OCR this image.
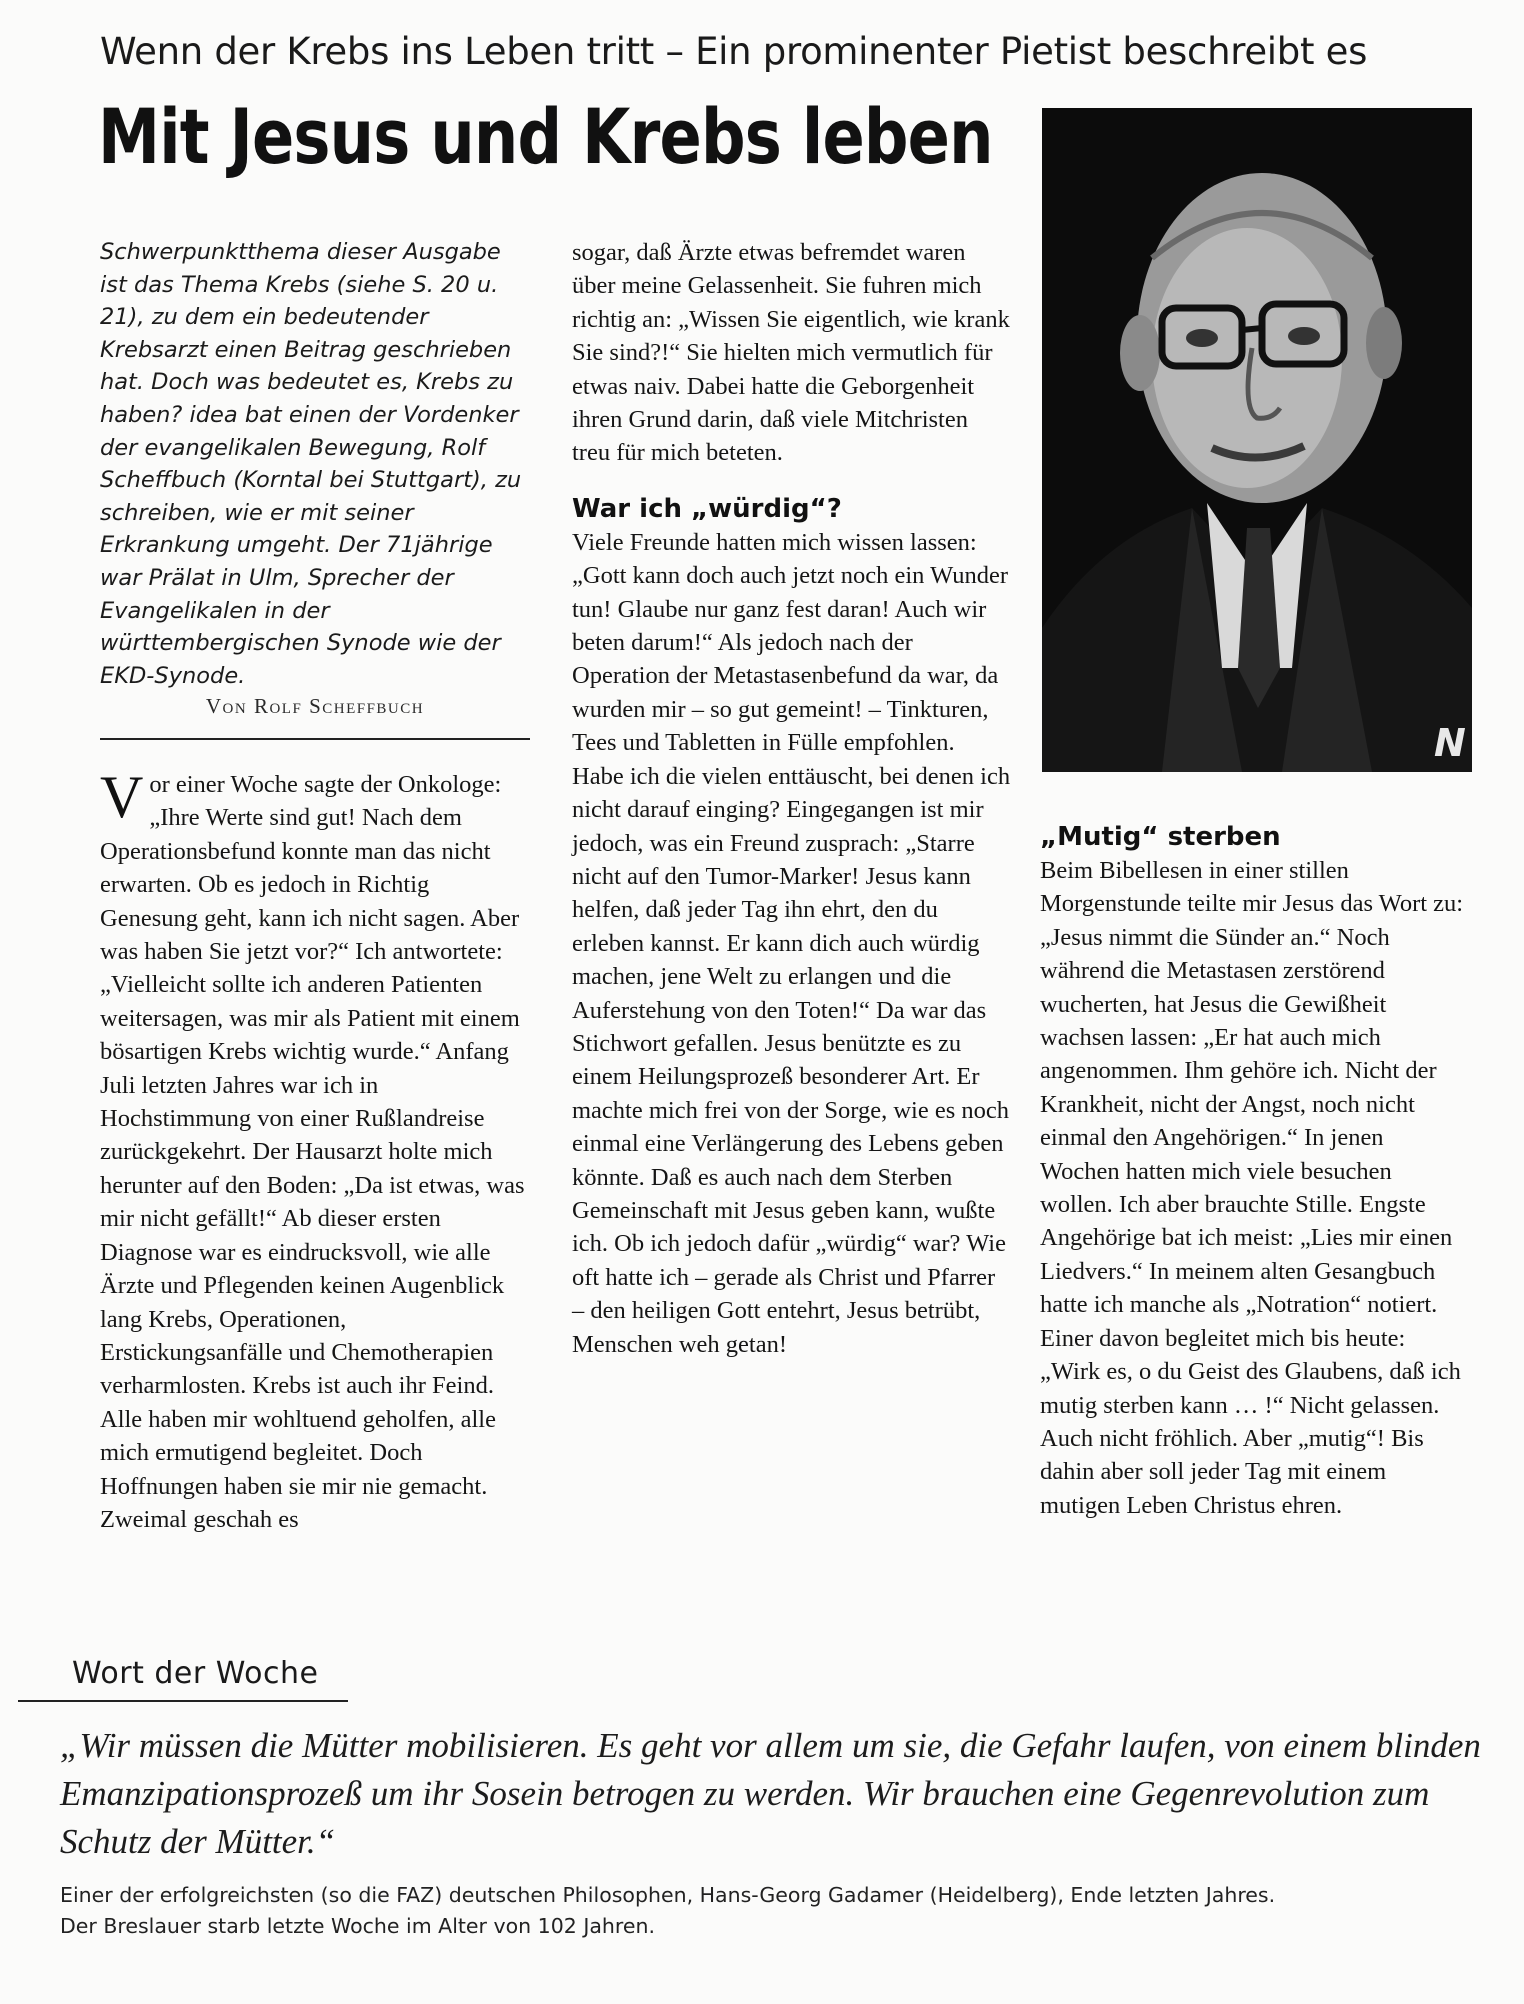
Wenn der Krebs ins Leben tritt – Ein prominenter Pietist beschreibt es
Mit Jesus und Krebs leben

Schwerpunktthema dieser Ausgabe ist das Thema Krebs (siehe S. 20 u. 21), zu dem ein bedeutender Krebsarzt einen Beitrag geschrieben hat. Doch was bedeutet es, Krebs zu haben? idea bat einen der Vordenker der evangelikalen Bewegung, Rolf Scheffbuch (Korntal bei Stuttgart), zu schreiben, wie er mit seiner Erkrankung umgeht. Der 71jährige war Prälat in Ulm, Sprecher der Evangelikalen in der württembergischen Synode wie der EKD-Synode.

Von Rolf Scheffbuch
V or einer Woche sagte der Onkologe: „Ihre Werte sind gut! Nach dem Operationsbefund konnte man das nicht erwarten. Ob es jedoch in Richtig Genesung geht, kann ich nicht sagen. Aber was haben Sie jetzt vor?“ Ich antwortete: „Vielleicht sollte ich anderen Patienten weitersagen, was mir als Patient mit einem bösartigen Krebs wichtig wurde.“ Anfang Juli letzten Jahres war ich in Hochstimmung von einer Rußlandreise zurückgekehrt. Der Hausarzt holte mich herunter auf den Boden: „Da ist etwas, was mir nicht gefällt!“ Ab dieser ersten Diagnose war es eindrucksvoll, wie alle Ärzte und Pflegenden keinen Augenblick lang Krebs, Operationen, Erstickungsanfälle und Chemotherapien verharmlosten. Krebs ist auch ihr Feind. Alle haben mir wohltuend geholfen, alle mich ermutigend begleitet. Doch Hoffnungen haben sie mir nie gemacht. Zweimal geschah es

sogar, daß Ärzte etwas befremdet waren über meine Gelassenheit. Sie fuhren mich richtig an: „Wissen Sie eigentlich, wie krank Sie sind?!“ Sie hielten mich vermutlich für etwas naiv. Dabei hatte die Geborgenheit ihren Grund darin, daß viele Mitchristen treu für mich beteten.

War ich „würdig“?

Viele Freunde hatten mich wissen lassen: „Gott kann doch auch jetzt noch ein Wunder tun! Glaube nur ganz fest daran! Auch wir beten darum!“ Als jedoch nach der Operation der Metastasenbefund da war, da wurden mir – so gut gemeint! – Tinkturen, Tees und Tabletten in Fülle empfohlen. Habe ich die vielen enttäuscht, bei denen ich nicht darauf einging? Eingegangen ist mir jedoch, was ein Freund zusprach: „Starre nicht auf den Tumor-Marker! Jesus kann helfen, daß jeder Tag ihn ehrt, den du erleben kannst. Er kann dich auch würdig machen, jene Welt zu erlangen und die Auferstehung von den Toten!“ Da war das Stichwort gefallen. Jesus benützte es zu einem Heilungsprozeß besonderer Art. Er machte mich frei von der Sorge, wie es noch einmal eine Verlängerung des Lebens geben könnte. Daß es auch nach dem Sterben Gemeinschaft mit Jesus geben kann, wußte ich. Ob ich jedoch dafür „würdig“ war? Wie oft hatte ich – gerade als Christ und Pfarrer – den heiligen Gott entehrt, Jesus betrübt, Menschen weh getan!

N

„Mutig“ sterben

Beim Bibellesen in einer stillen Morgenstunde teilte mir Jesus das Wort zu: „Jesus nimmt die Sünder an.“ Noch während die Metastasen zerstörend wucherten, hat Jesus die Gewißheit wachsen lassen: „Er hat auch mich angenommen. Ihm gehöre ich. Nicht der Krankheit, nicht der Angst, noch nicht einmal den Angehörigen.“ In jenen Wochen hatten mich viele besuchen wollen. Ich aber brauchte Stille. Engste Angehörige bat ich meist: „Lies mir einen Liedvers.“ In meinem alten Gesangbuch hatte ich manche als „Notration“ notiert. Einer davon begleitet mich bis heute: „Wirk es, o du Geist des Glaubens, daß ich mutig sterben kann … !“ Nicht gelassen. Auch nicht fröhlich. Aber „mutig“! Bis dahin aber soll jeder Tag mit einem mutigen Leben Christus ehren.

Wort der Woche

„Wir müssen die Mütter mobilisieren. Es geht vor allem um sie, die Gefahr laufen, von einem blinden Emanzipationsprozeß um ihr Sosein betrogen zu werden. Wir brauchen eine Gegenrevolution zum Schutz der Mütter.“

Einer der erfolgreichsten (so die FAZ) deutschen Philosophen, Hans-Georg Gadamer (Heidelberg), Ende letzten Jahres.

Der Breslauer starb letzte Woche im Alter von 102 Jahren.
